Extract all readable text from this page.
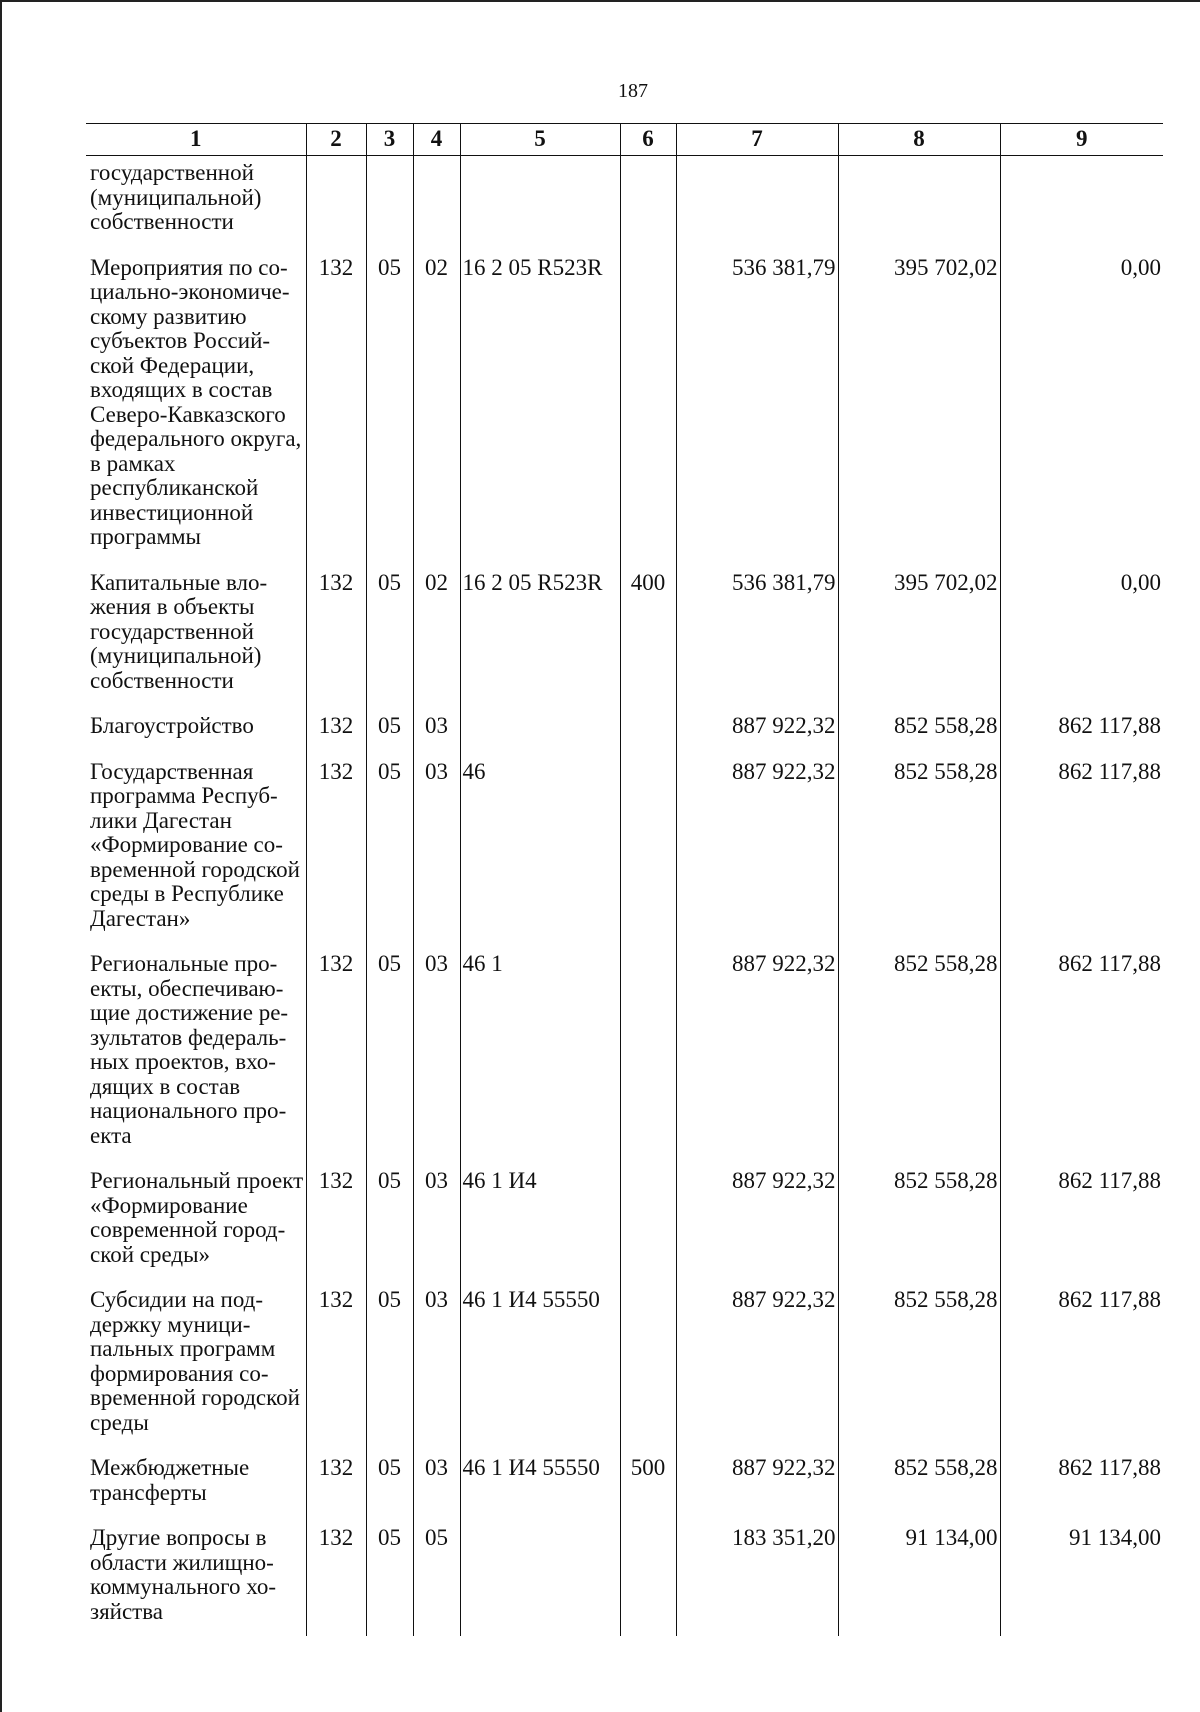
187
1	2	3	4	5	6	7	8	9
государственной (муниципальной) собственности								
Мероприятия по социально-экономическому развитию субъектов Российской Федерации, входящих в состав Северо-Кавказского федерального округа, в рамках республиканской инвестиционной программы	132	05	02	16 2 05 R523R		536 381,79	395 702,02	0,00
Капитальные вложения в объекты государственной (муниципальной) собственности	132	05	02	16 2 05 R523R	400	536 381,79	395 702,02	0,00
Благоустройство	132	05	03			887 922,32	852 558,28	862 117,88
Государственная программа Республики Дагестан «Формирование современной городской среды в Республике Дагестан»	132	05	03	46		887 922,32	852 558,28	862 117,88
Региональные проекты, обеспечивающие достижение результатов федеральных проектов, входящих в состав национального проекта	132	05	03	46 1		887 922,32	852 558,28	862 117,88
Региональный проект «Формирование современной городской среды»	132	05	03	46 1 И4		887 922,32	852 558,28	862 117,88
Субсидии на поддержку муниципальных программ формирования современной городской среды	132	05	03	46 1 И4 55550		887 922,32	852 558,28	862 117,88
Межбюджетные трансферты	132	05	03	46 1 И4 55550	500	887 922,32	852 558,28	862 117,88
Другие вопросы в области жилищно-коммунального хозяйства	132	05	05			183 351,20	91 134,00	91 134,00
